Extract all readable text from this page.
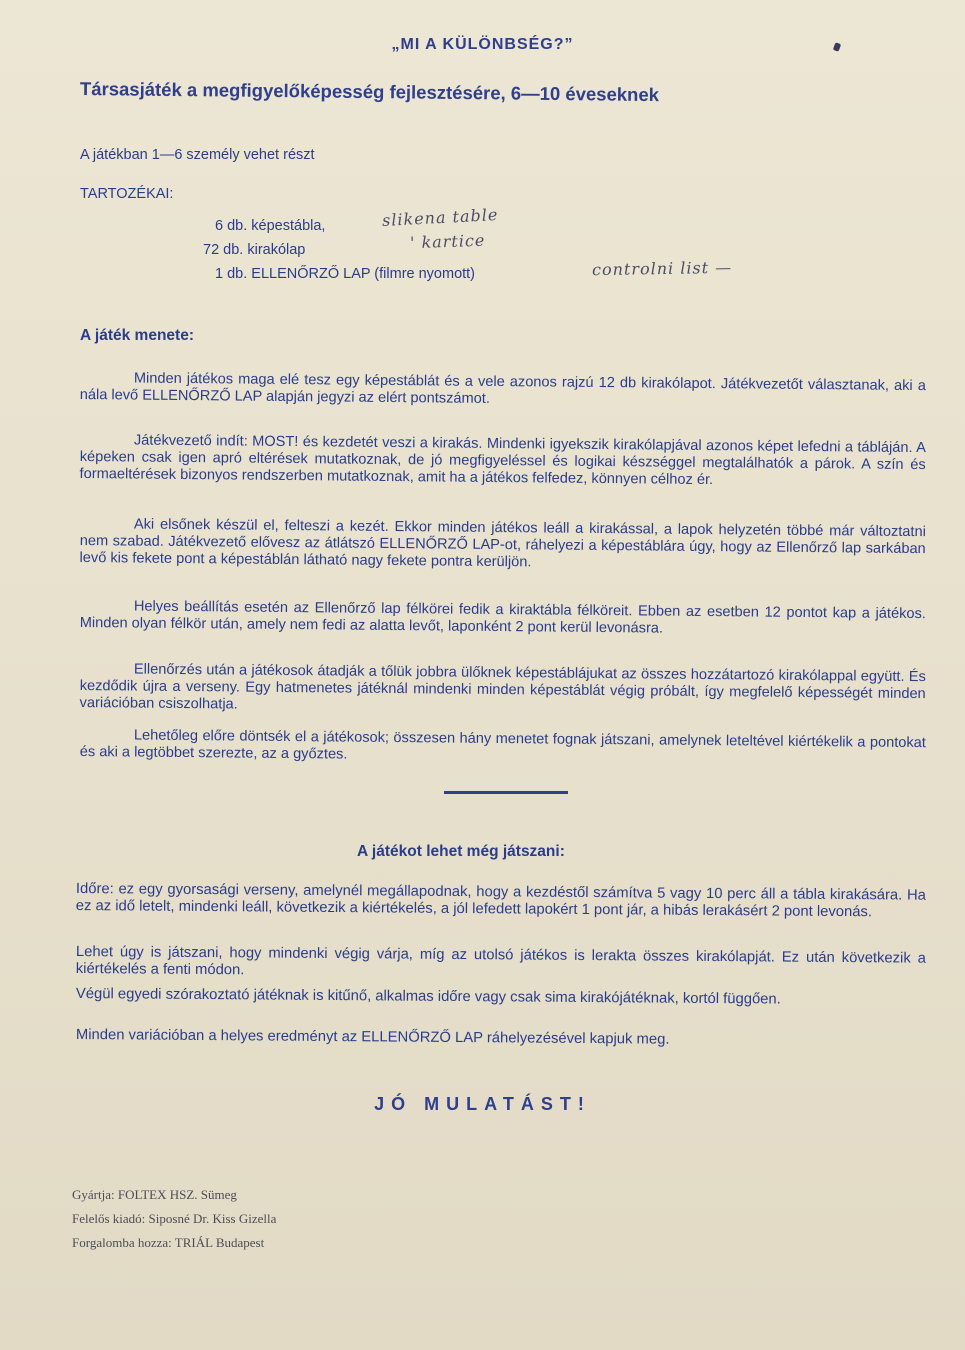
„MI A KÜLÖNBSÉG?”
Társasjáték a megfigyelőképesség fejlesztésére, 6—10 éveseknek
A játékban 1—6 személy vehet részt
TARTOZÉKAI:
6 db. képestábla,	slikena table
72 db. kirakólap	' kartice
1 db. ELLENŐRZŐ LAP (filmre nyomott)	controlni list —
A játék menete:
Minden játékos maga elé tesz egy képestáblát és a vele azonos rajzú 12 db kirakólapot. Játékvezetőt választanak, aki a nála levő ELLENŐRZŐ LAP alapján jegyzi az elért pontszámot.
Játékvezető indít: MOST! és kezdetét veszi a kirakás. Mindenki igyekszik kirakólapjával azonos képet lefedni a tábláján. A képeken csak igen apró eltérések mutatkoznak, de jó megfigyeléssel és logikai készséggel megtalálhatók a párok. A szín és formaeltérések bizonyos rendszerben mutatkoznak, amit ha a játékos felfedez, könnyen célhoz ér.
Aki elsőnek készül el, felteszi a kezét. Ekkor minden játékos leáll a kirakással, a lapok helyzetén többé már változtatni nem szabad. Játékvezető elővesz az átlátszó ELLENŐRZŐ LAP-ot, ráhelyezi a képestáblára úgy, hogy az Ellenőrző lap sarkában levő kis fekete pont a képestáblán látható nagy fekete pontra kerüljön.
Helyes beállítás esetén az Ellenőrző lap félkörei fedik a kiraktábla félköreit. Ebben az esetben 12 pontot kap a játékos. Minden olyan félkör után, amely nem fedi az alatta levőt, laponként 2 pont kerül levonásra.
Ellenőrzés után a játékosok átadják a tőlük jobbra ülőknek képestáblájukat az összes hozzátartozó kirakólappal együtt. És kezdődik újra a verseny. Egy hatmenetes játéknál mindenki minden képestáblát végig próbált, így megfelelő képességét minden variációban csiszolhatja.
Lehetőleg előre döntsék el a játékosok; összesen hány menetet fognak játszani, amelynek leteltével kiértékelik a pontokat és aki a legtöbbet szerezte, az a győztes.
A játékot lehet még játszani:
Időre: ez egy gyorsasági verseny, amelynél megállapodnak, hogy a kezdéstől számítva 5 vagy 10 perc áll a tábla kirakására. Ha ez az idő letelt, mindenki leáll, következik a kiértékelés, a jól lefedett lapokért 1 pont jár, a hibás lerakásért 2 pont levonás.
Lehet úgy is játszani, hogy mindenki végig várja, míg az utolsó játékos is lerakta összes kirakólapját. Ez után következik a kiértékelés a fenti módon.
Végül egyedi szórakoztató játéknak is kitűnő, alkalmas időre vagy csak sima kirakójátéknak, kortól függően.
Minden variációban a helyes eredményt az ELLENŐRZŐ LAP ráhelyezésével kapjuk meg.
JÓ MULATÁST!
Gyártja: FOLTEX HSZ. Sümeg
Felelős kiadó: Siposné Dr. Kiss Gizella
Forgalomba hozza: TRIÁL Budapest
